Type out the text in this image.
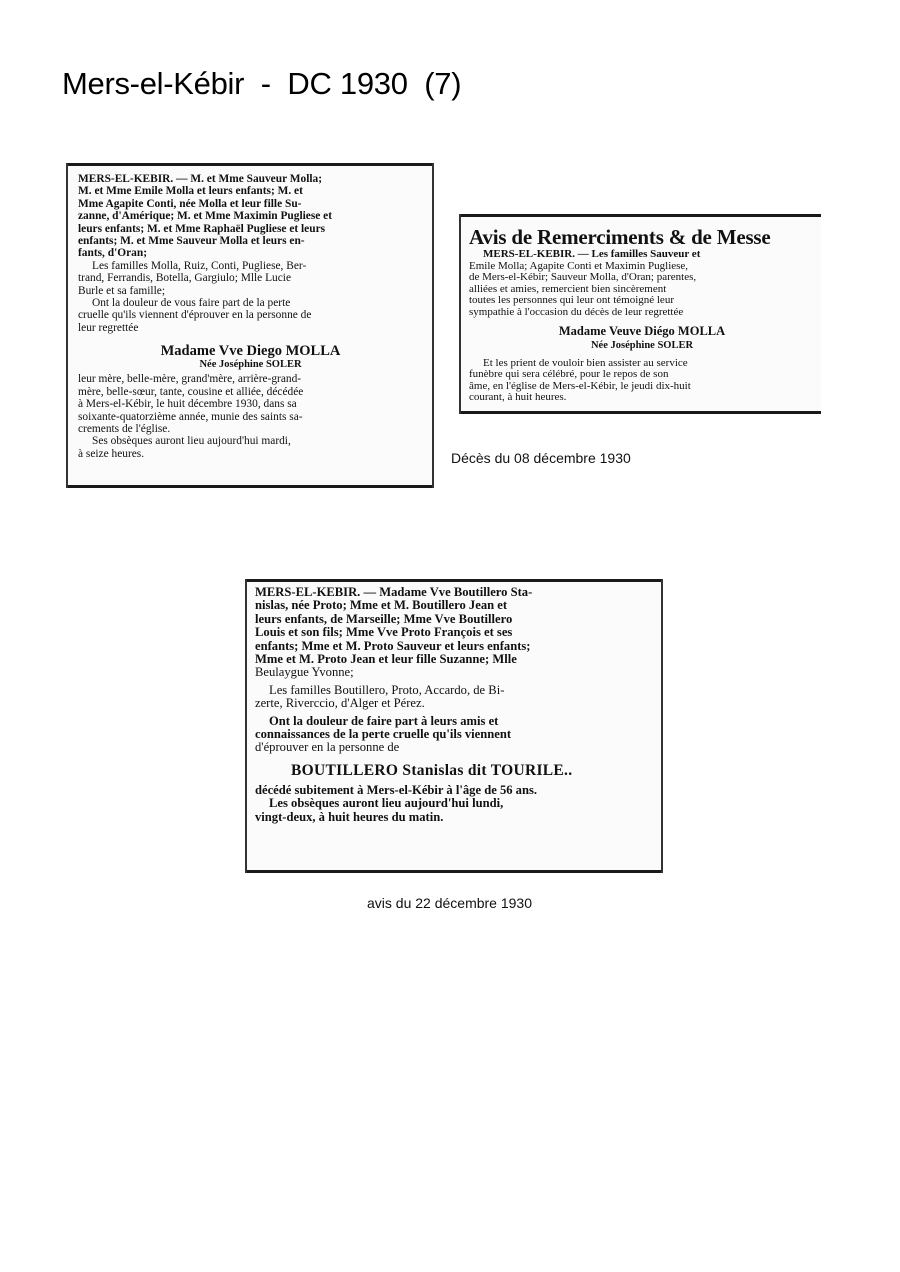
Mers-el-Kébir  -  DC 1930  (7)
MERS-EL-KEBIR. — M. et Mme Sauveur Molla;
M. et Mme Emile Molla et leurs enfants; M. et
Mme Agapite Conti, née Molla et leur fille Su-
zanne, d'Amérique; M. et Mme Maximin Pugliese et
leurs enfants; M. et Mme Raphaël Pugliese et leurs
enfants; M. et Mme Sauveur Molla et leurs en-
fants, d'Oran;
Les familles Molla, Ruiz, Conti, Pugliese, Ber-
trand, Ferrandis, Botella, Gargiulo; Mlle Lucie
Burle et sa famille;
Ont la douleur de vous faire part de la perte
cruelle qu'ils viennent d'éprouver en la personne de
leur regrettée
Madame Vve Diego MOLLA
Née Joséphine SOLER
leur mère, belle-mère, grand'mère, arrière-grand-
mère, belle-sœur, tante, cousine et alliée, décédée
à Mers-el-Kébir, le huit décembre 1930, dans sa
soixante-quatorzième année, munie des saints sa-
crements de l'église.
Ses obsèques auront lieu aujourd'hui mardi,
à seize heures.
Avis de Remerciments & de Messe
MERS-EL-KEBIR. — Les familles Sauveur et
Emile Molla; Agapite Conti et Maximin Pugliese,
de Mers-el-Kébir; Sauveur Molla, d'Oran; parentes,
alliées et amies, remercient bien sincèrement
toutes les personnes qui leur ont témoigné leur
sympathie à l'occasion du décès de leur regrettée
Madame Veuve Diégo MOLLA
Née Joséphine SOLER
Et les prient de vouloir bien assister au service
funèbre qui sera célébré, pour le repos de son
âme, en l'église de Mers-el-Kébir, le jeudi dix-huit
courant, à huit heures.
Décès du 08 décembre 1930
MERS-EL-KEBIR. — Madame Vve Boutillero Sta-
nislas, née Proto; Mme et M. Boutillero Jean et
leurs enfants, de Marseille; Mme Vve Boutillero
Louis et son fils; Mme Vve Proto François et ses
enfants; Mme et M. Proto Sauveur et leurs enfants;
Mme et M. Proto Jean et leur fille Suzanne; Mlle
Beulaygue Yvonne;
Les familles Boutillero, Proto, Accardo, de Bi-
zerte, Riverccio, d'Alger et Pérez.
Ont la douleur de faire part à leurs amis et
connaissances de la perte cruelle qu'ils viennent
d'éprouver en la personne de
BOUTILLERO Stanislas dit TOURILE..
décédé subitement à Mers-el-Kébir à l'âge de 56 ans.
Les obsèques auront lieu aujourd'hui lundi,
vingt-deux, à huit heures du matin.
avis du 22 décembre 1930
